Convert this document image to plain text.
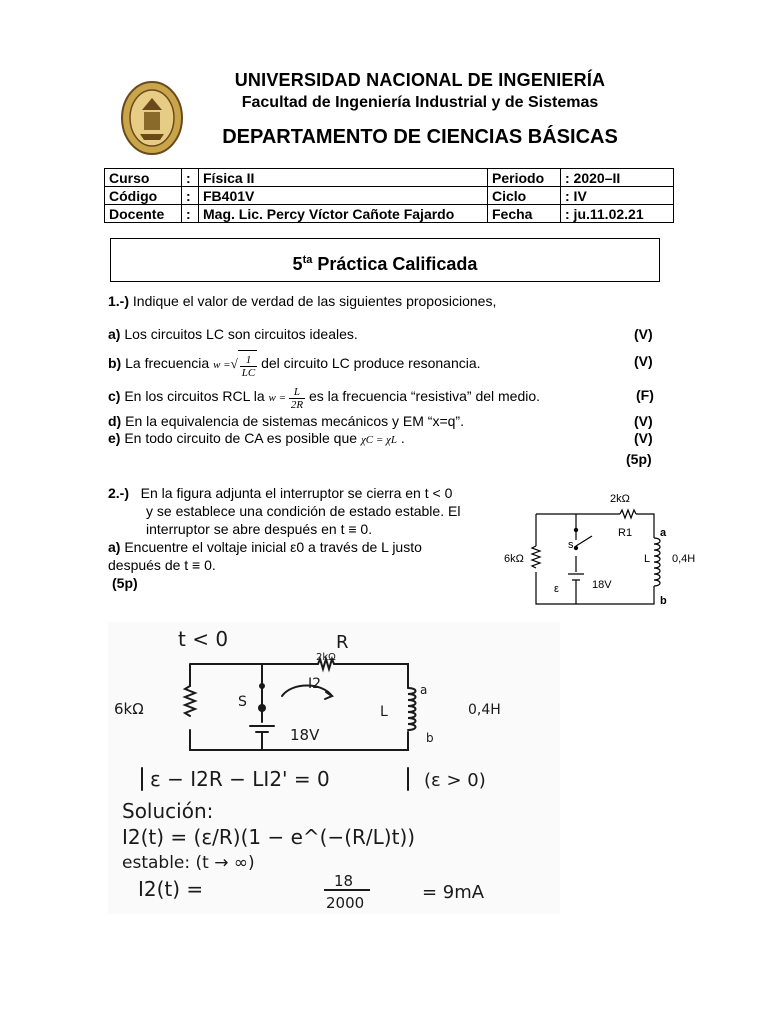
UNIVERSIDAD NACIONAL DE INGENIERÍA
Facultad de Ingeniería Industrial y de Sistemas
DEPARTAMENTO DE CIENCIAS BÁSICAS
Curso	:	Física II	Periodo	: 2020–II
Código	:	FB401V	Ciclo	: IV
Docente	:	Mag. Lic. Percy Víctor Cañote Fajardo	Fecha	: ju.11.02.21
$5^{ta}$ Práctica Calificada
1.-) Indique el valor de verdad de las siguientes proposiciones,
a) Los circuitos LC son circuitos ideales.	(V)
b) La frecuencia w =√ $\frac{1}{LC}$ del circuito LC produce resonancia.	(V)
c) En los circuitos RCL la $w = \frac{L}{2R}$ es la frecuencia “resistiva” del medio.	(F)
d) En la equivalencia de sistemas mecánicos y EM “x=q”.	(V)
e) En todo circuito de CA es posible que χC = χL .	(V)
(5p)
2.-) En la figura adjunta el interruptor se cierra en t < 0
y se establece una condición de estado estable. El
interruptor se abre después en t ≡ 0.
a) Encuentre el voltaje inicial ε0 a través de L justo
después de t ≡ 0.
(5p)
2kΩ
R1
6kΩ
s
ε	18V
L 0,4H
a
b
t < 0	R
2kΩ
I2
6kΩ	S
18V
L	0,4H
a
b
ε − I2R − LI2' = 0	(ε > 0)
Solución:
I2(t) = (ε/R)(1 − e^(−(R/L)t))
estable: (t → ∞)
I2(t) =	18
2000	= 9mA
